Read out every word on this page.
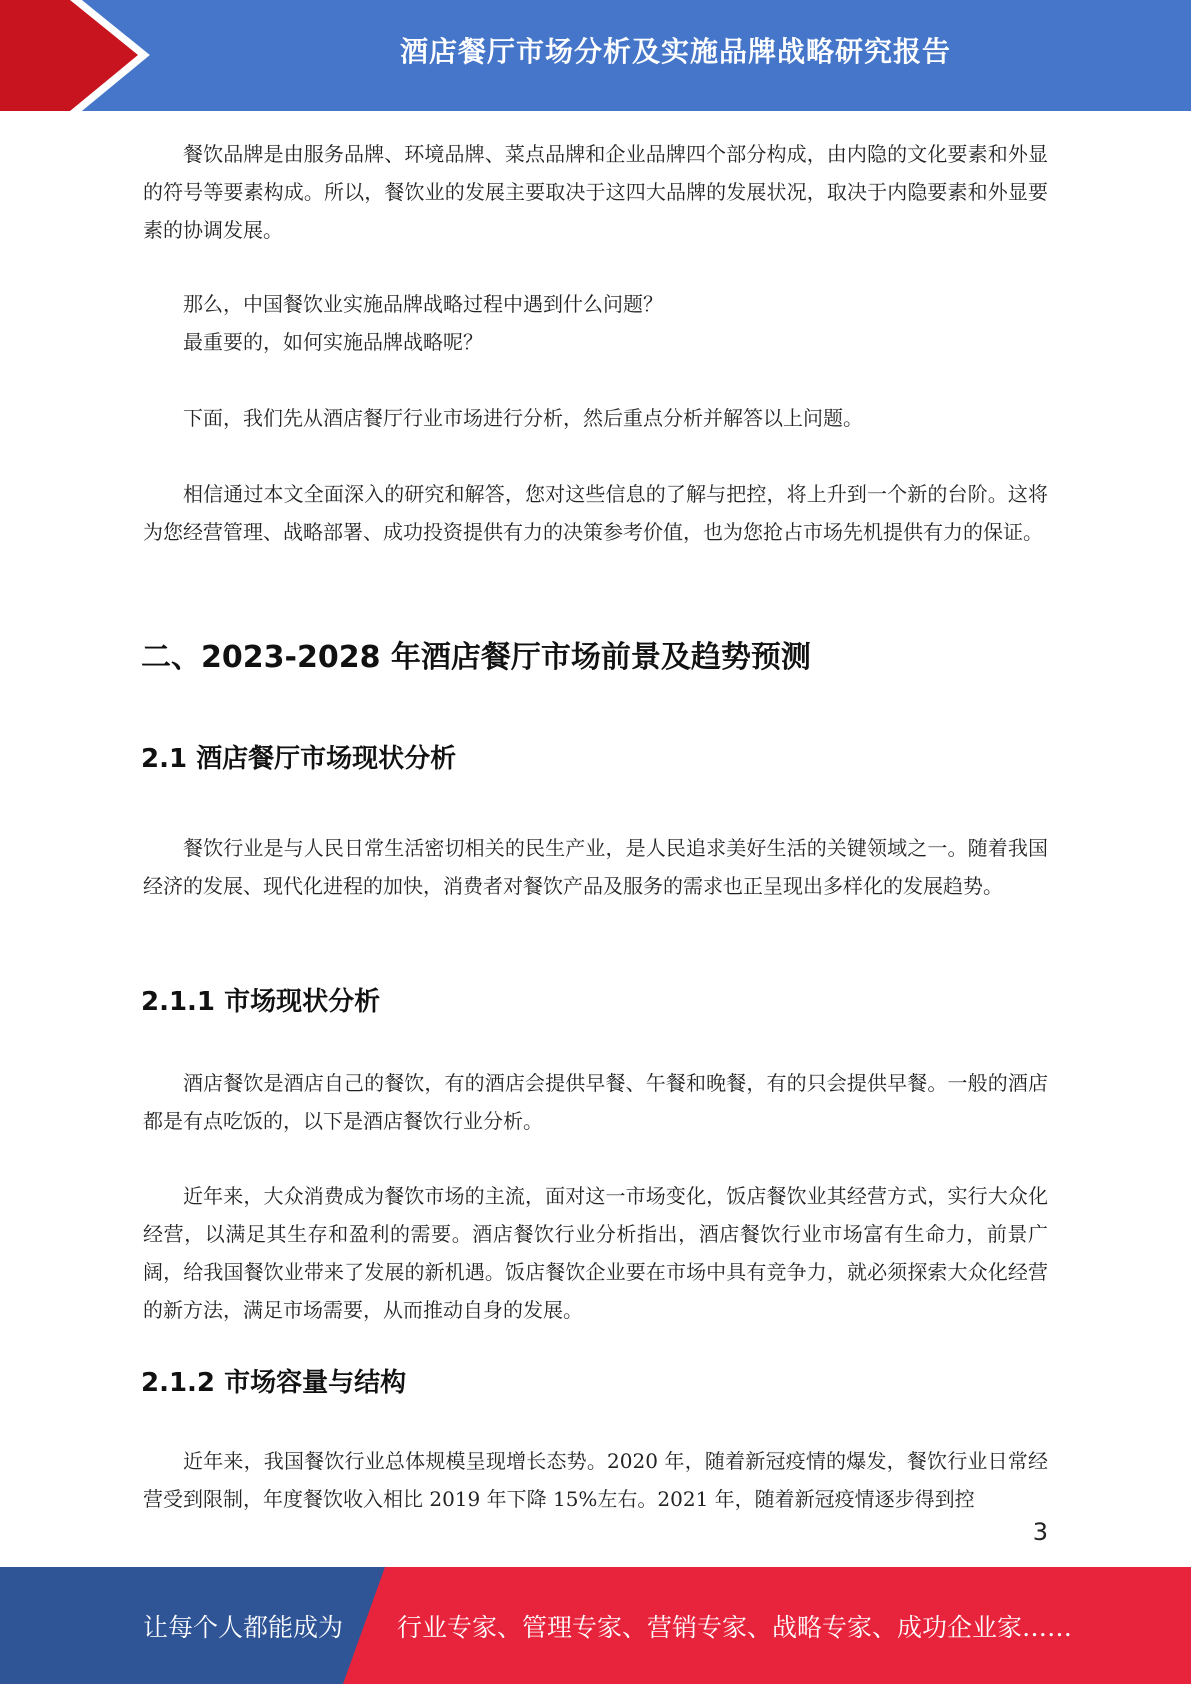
酒店餐厅市场分析及实施品牌战略研究报告

餐饮品牌是由服务品牌、环境品牌、菜点品牌和企业品牌四个部分构成，由内隐的文化要素和外显的符号等要素构成。所以，餐饮业的发展主要取决于这四大品牌的发展状况，取决于内隐要素和外显要素的协调发展。

那么，中国餐饮业实施品牌战略过程中遇到什么问题？

最重要的，如何实施品牌战略呢？

下面，我们先从酒店餐厅行业市场进行分析，然后重点分析并解答以上问题。

相信通过本文全面深入的研究和解答，您对这些信息的了解与把控，将上升到一个新的台阶。这将为您经营管理、战略部署、成功投资提供有力的决策参考价值，也为您抢占市场先机提供有力的保证。

二、2023-2028 年酒店餐厅市场前景及趋势预测
2.1 酒店餐厅市场现状分析

餐饮行业是与人民日常生活密切相关的民生产业，是人民追求美好生活的关键领域之一。随着我国经济的发展、现代化进程的加快，消费者对餐饮产品及服务的需求也正呈现出多样化的发展趋势。

2.1.1 市场现状分析

酒店餐饮是酒店自己的餐饮，有的酒店会提供早餐、午餐和晚餐，有的只会提供早餐。一般的酒店都是有点吃饭的，以下是酒店餐饮行业分析。

近年来，大众消费成为餐饮市场的主流，面对这一市场变化，饭店餐饮业其经营方式，实行大众化经营，以满足其生存和盈利的需要。酒店餐饮行业分析指出，酒店餐饮行业市场富有生命力，前景广阔，给我国餐饮业带来了发展的新机遇。饭店餐饮企业要在市场中具有竞争力，就必须探索大众化经营的新方法，满足市场需要，从而推动自身的发展。

2.1.2 市场容量与结构

近年来，我国餐饮行业总体规模呈现增长态势。2020 年，随着新冠疫情的爆发，餐饮行业日常经营受到限制，年度餐饮收入相比 2019 年下降 15%左右。2021 年，随着新冠疫情逐步得到控

3
让每个人都能成为 行业专家、管理专家、营销专家、战略专家、成功企业家……
